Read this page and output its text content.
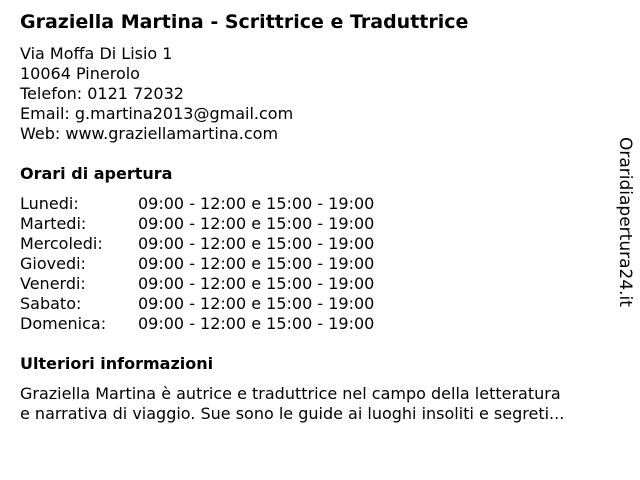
Graziella Martina - Scrittrice e Traduttrice
Via Moffa Di Lisio 1
10064 Pinerolo
Telefon: 0121 72032
Email: g.martina2013@gmail.com
Web: www.graziellamartina.com
Orari di apertura
Lunedi:	09:00 - 12:00 e 15:00 - 19:00
Martedi:	09:00 - 12:00 e 15:00 - 19:00
Mercoledi: 09:00 - 12:00 e 15:00 - 19:00
Giovedi:	09:00 - 12:00 e 15:00 - 19:00
Venerdi:	09:00 - 12:00 e 15:00 - 19:00
Sabato:	09:00 - 12:00 e 15:00 - 19:00
Domenica: 09:00 - 12:00 e 15:00 - 19:00
Ulteriori informazioni
Graziella Martina è autrice e traduttrice nel campo della letteratura
e narrativa di viaggio. Sue sono le guide ai luoghi insoliti e segreti...
Oraridiapertura24.it
